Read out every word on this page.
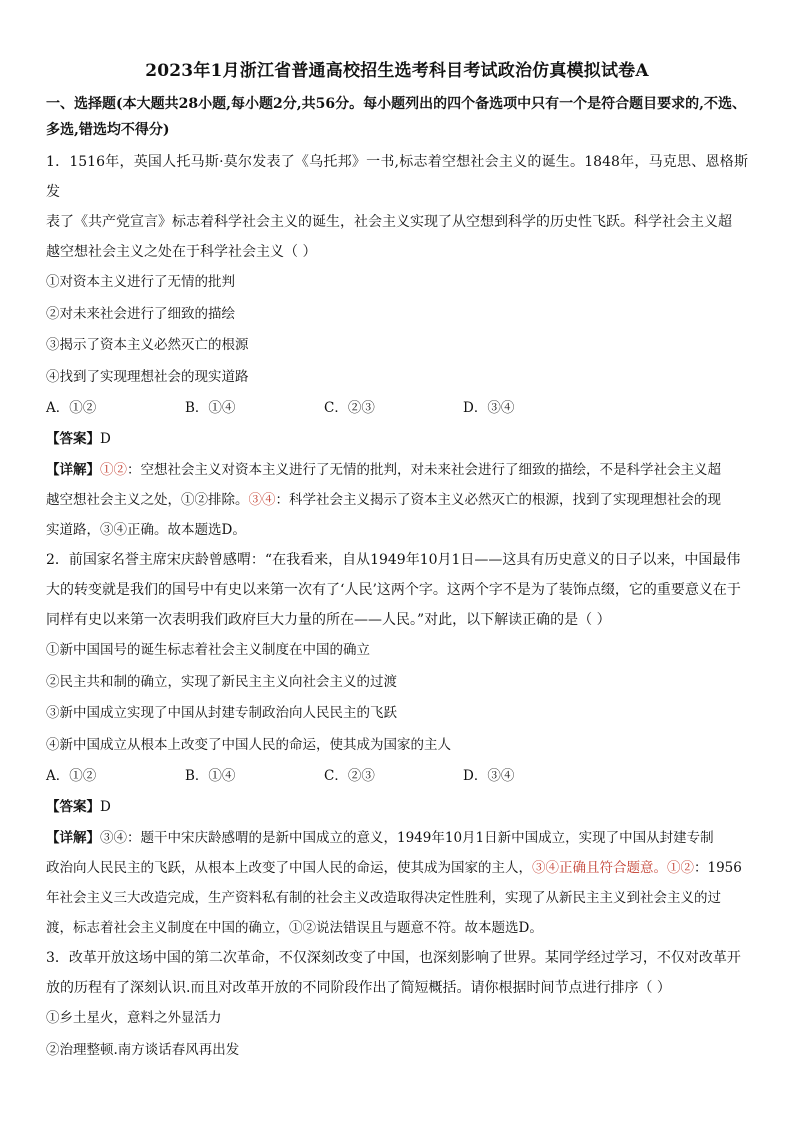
2023年1月浙江省普通高校招生选考科目考试政治仿真模拟试卷A
一、选择题(本大题共28小题,每小题2分,共56分。每小题列出的四个备选项中只有一个是符合题目要求的,不选、
多选,错选均不得分)

1．1516年，英国人托马斯·莫尔发表了《乌托邦》一书,标志着空想社会主义的诞生。1848年，马克思、恩格斯发

表了《共产党宣言》标志着科学社会主义的诞生，社会主义实现了从空想到科学的历史性飞跃。科学社会主义超

越空想社会主义之处在于科学社会主义（ ）

①对资本主义进行了无情的批判

②对未来社会进行了细致的描绘

③揭示了资本主义必然灭亡的根源

④找到了实现理想社会的现实道路

A．①②	B．①④	C．②③	D．③④

【答案】D

【详解】①②：空想社会主义对资本主义进行了无情的批判，对未来社会进行了细致的描绘，不是科学社会主义超

越空想社会主义之处，①②排除。③④：科学社会主义揭示了资本主义必然灭亡的根源，找到了实现理想社会的现

实道路，③④正确。故本题选D。

2．前国家名誉主席宋庆龄曾感喟：“在我看来，自从1949年10月1日——这具有历史意义的日子以来，中国最伟

大的转变就是我们的国号中有史以来第一次有了‘人民’这两个字。这两个字不是为了装饰点缀，它的重要意义在于

同样有史以来第一次表明我们政府巨大力量的所在——人民。”对此，以下解读正确的是（ ）

①新中国国号的诞生标志着社会主义制度在中国的确立

②民主共和制的确立，实现了新民主主义向社会主义的过渡

③新中国成立实现了中国从封建专制政治向人民民主的飞跃

④新中国成立从根本上改变了中国人民的命运，使其成为国家的主人

A．①②	B．①④	C．②③	D．③④

【答案】D

【详解】③④：题干中宋庆龄感喟的是新中国成立的意义，1949年10月1日新中国成立，实现了中国从封建专制

政治向人民民主的飞跃，从根本上改变了中国人民的命运，使其成为国家的主人，③④正确且符合题意。①②：1956

年社会主义三大改造完成，生产资料私有制的社会主义改造取得决定性胜利，实现了从新民主主义到社会主义的过

渡，标志着社会主义制度在中国的确立，①②说法错误且与题意不符。故本题选D。

3．改革开放这场中国的第二次革命，不仅深刻改变了中国，也深刻影响了世界。某同学经过学习，不仅对改革开

放的历程有了深刻认识.而且对改革开放的不同阶段作出了简短概括。请你根据时间节点进行排序（ ）

①乡土星火，意料之外显活力

②治理整顿.南方谈话春风再出发
